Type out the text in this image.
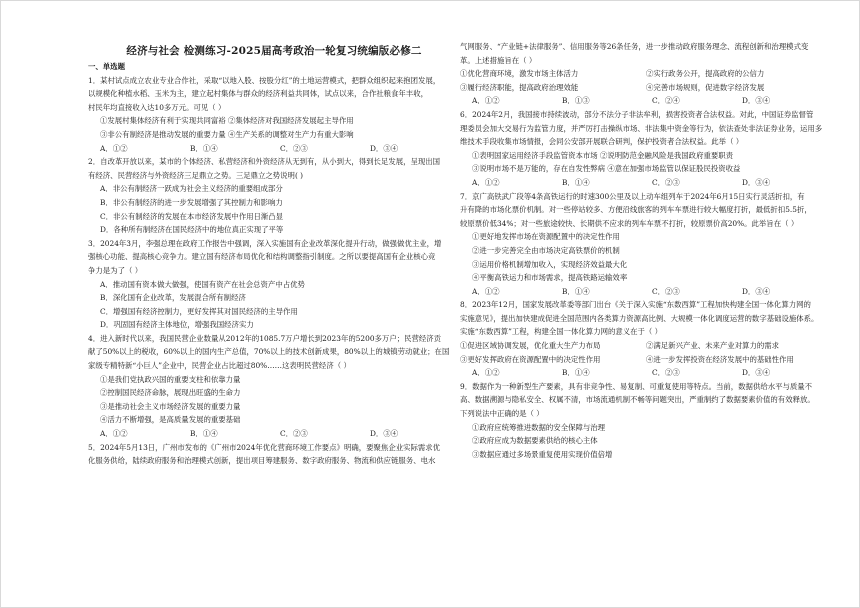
经济与社会 检测练习-2025届高考政治一轮复习统编版必修二
一、单选题
1．某村试点成立农业专业合作社，采取“以地入股、按股分红”的土地运营模式，把群众组织起来抱团发展，
以规模化种植水稻、玉米为主，建立起村集体与群众的经济利益共同体，试点以来，合作社粮食年丰收，
村民年均直接收入达10多万元。可见（ ）
①发展村集体经济有利于实现共同富裕 ②集体经济对我国经济发展起主导作用
③非公有制经济是推动发展的重要力量 ④生产关系的调整对生产力有重大影响
A．①②	B．①④	C．②③	D．③④
2．自改革开放以来，某市的个体经济、私营经济和外资经济从无到有，从小到大，得到长足发展，呈现出国
有经济、民营经济与外资经济三足鼎立之势。三足鼎立之势说明( )
A．非公有制经济一跃成为社会主义经济的重要组成部分
B．非公有制经济的进一步发展增强了其控制力和影响力
C．非公有制经济的发展在本市经济发展中作用日渐凸显
D．各种所有制经济在国民经济中的地位真正实现了平等
3．2024年3月，李强总理在政府工作报告中强调，深入实施国有企业改革深化提升行动，做强做优主业，增
强核心功能、提高核心竞争力。建立国有经济布局优化和结构调整指引制度。之所以要提高国有企业核心竞
争力是为了（ ）
A．推动国有资本做大做强，使国有资产在社会总资产中占优势
B．深化国有企业改革，发展混合所有制经济
C．增强国有经济控制力，更好发挥其对国民经济的主导作用
D．巩固国有经济主体地位，增强我国经济实力
4．进入新时代以来，我国民营企业数量从2012年的1085.7万户增长到2023年的5200多万户；民营经济贡
献了50%以上的税收，60%以上的国内生产总值，70%以上的技术创新成果，80%以上的城镇劳动就业；在国
家级专精特新“小巨人”企业中，民营企业占比超过80%……这表明民营经济（ ）
①是我们党执政兴国的重要支柱和依靠力量
②控制国民经济命脉，展现出旺盛的生命力
③是推动社会主义市场经济发展的重要力量
④活力不断增强，是高质量发展的重要基础
A．①②	B．①④	C．②③	D．③④
5．2024年5月13日，广州市发布的《广州市2024年优化营商环境工作要点》明确，要聚焦企业实际需求优
化服务供给，陆续政府服务和治理模式创新，提出项目筹建服务、数字政府服务、物流和供应链服务、电水
气网服务、“产业链+法律服务”、信用服务等26条任务，进一步推动政府服务理念、流程创新和治理模式变
革。上述措施旨在（ ）
①优化营商环境，激发市场主体活力	②实行政务公开，提高政府的公信力
③履行经济职能，提高政府治理效能	④完善市场规则，促进数字经济发展
A．①②	B．①③	C．②④	D．③④
6．2024年2月，我国接市持续波动，部分不法分子非法牟利，损害投资者合法权益。对此，中国证券监督管
理委员会加大交易行为监管力度，并严厉打击操纵市场、非法集中资金等行为，依法查处非法证券业务，运用多
维技术手段收集市场情报，会同公安部开展联合研判，保护投资者合法权益。此举（ ）
①表明国家运用经济手段监管资本市场 ②说明防范金融风险是我国政府重要职责
③说明市场不是万能的，存在自发性弊病 ④意在加强市场监管以保证股民投资收益
A．①②	B．①④	C．②③	D．③④
7．京广高铁武广段等4条高铁运行的时速300公里及以上动车组列车于2024年6月15日实行灵活折扣，有
升有降的市场化票价机制。对一些停站较多、方便沿线旅客的列车车票进行较大幅度打折，最低折扣5.5折，
较原票价低34%；对一些旅途较快、长期供不应求的列车车票不打折，较原票价高20%。此举旨在（ ）
①更好地发挥市场在资源配置中的决定性作用
②进一步完善完全由市场决定高铁票价的机制
③运用价格机制增加收入，实现经济效益最大化
④平衡高铁运力和市场需求，提高铁路运输效率
A．①②	B．①④	C．②③	D．③④
8．2023年12月，国家发展改革委等部门出台《关于深入实施“东数西算”工程加快构建全国一体化算力网的
实施意见》，提出加快建成促进全国范围内各类算力资源高比例、大规模一体化调度运营的数字基础设施体系。
实施“东数西算”工程，构建全国一体化算力网的意义在于（ ）
①促进区域协调发展，优化重大生产力布局	②满足新兴产业、未来产业对算力的需求
③更好发挥政府在资源配置中的决定性作用	④进一步发挥投资在经济发展中的基础性作用
A．①②	B．①④	C．②③	D．③④
9．数据作为一种新型生产要素，具有非竞争性、易复制、可重复使用等特点。当前，数据供给水平与质量不
高、数据溯源与隐私安全、权属不清，市场流通机制不畅等问题突出，严重制约了数据要素价值的有效释放。
下列说法中正确的是（ ）
①政府应统筹推进数据的安全保障与治理
②政府应成为数据要素供给的核心主体
③数据应通过多场景重复使用实现价值倍增
